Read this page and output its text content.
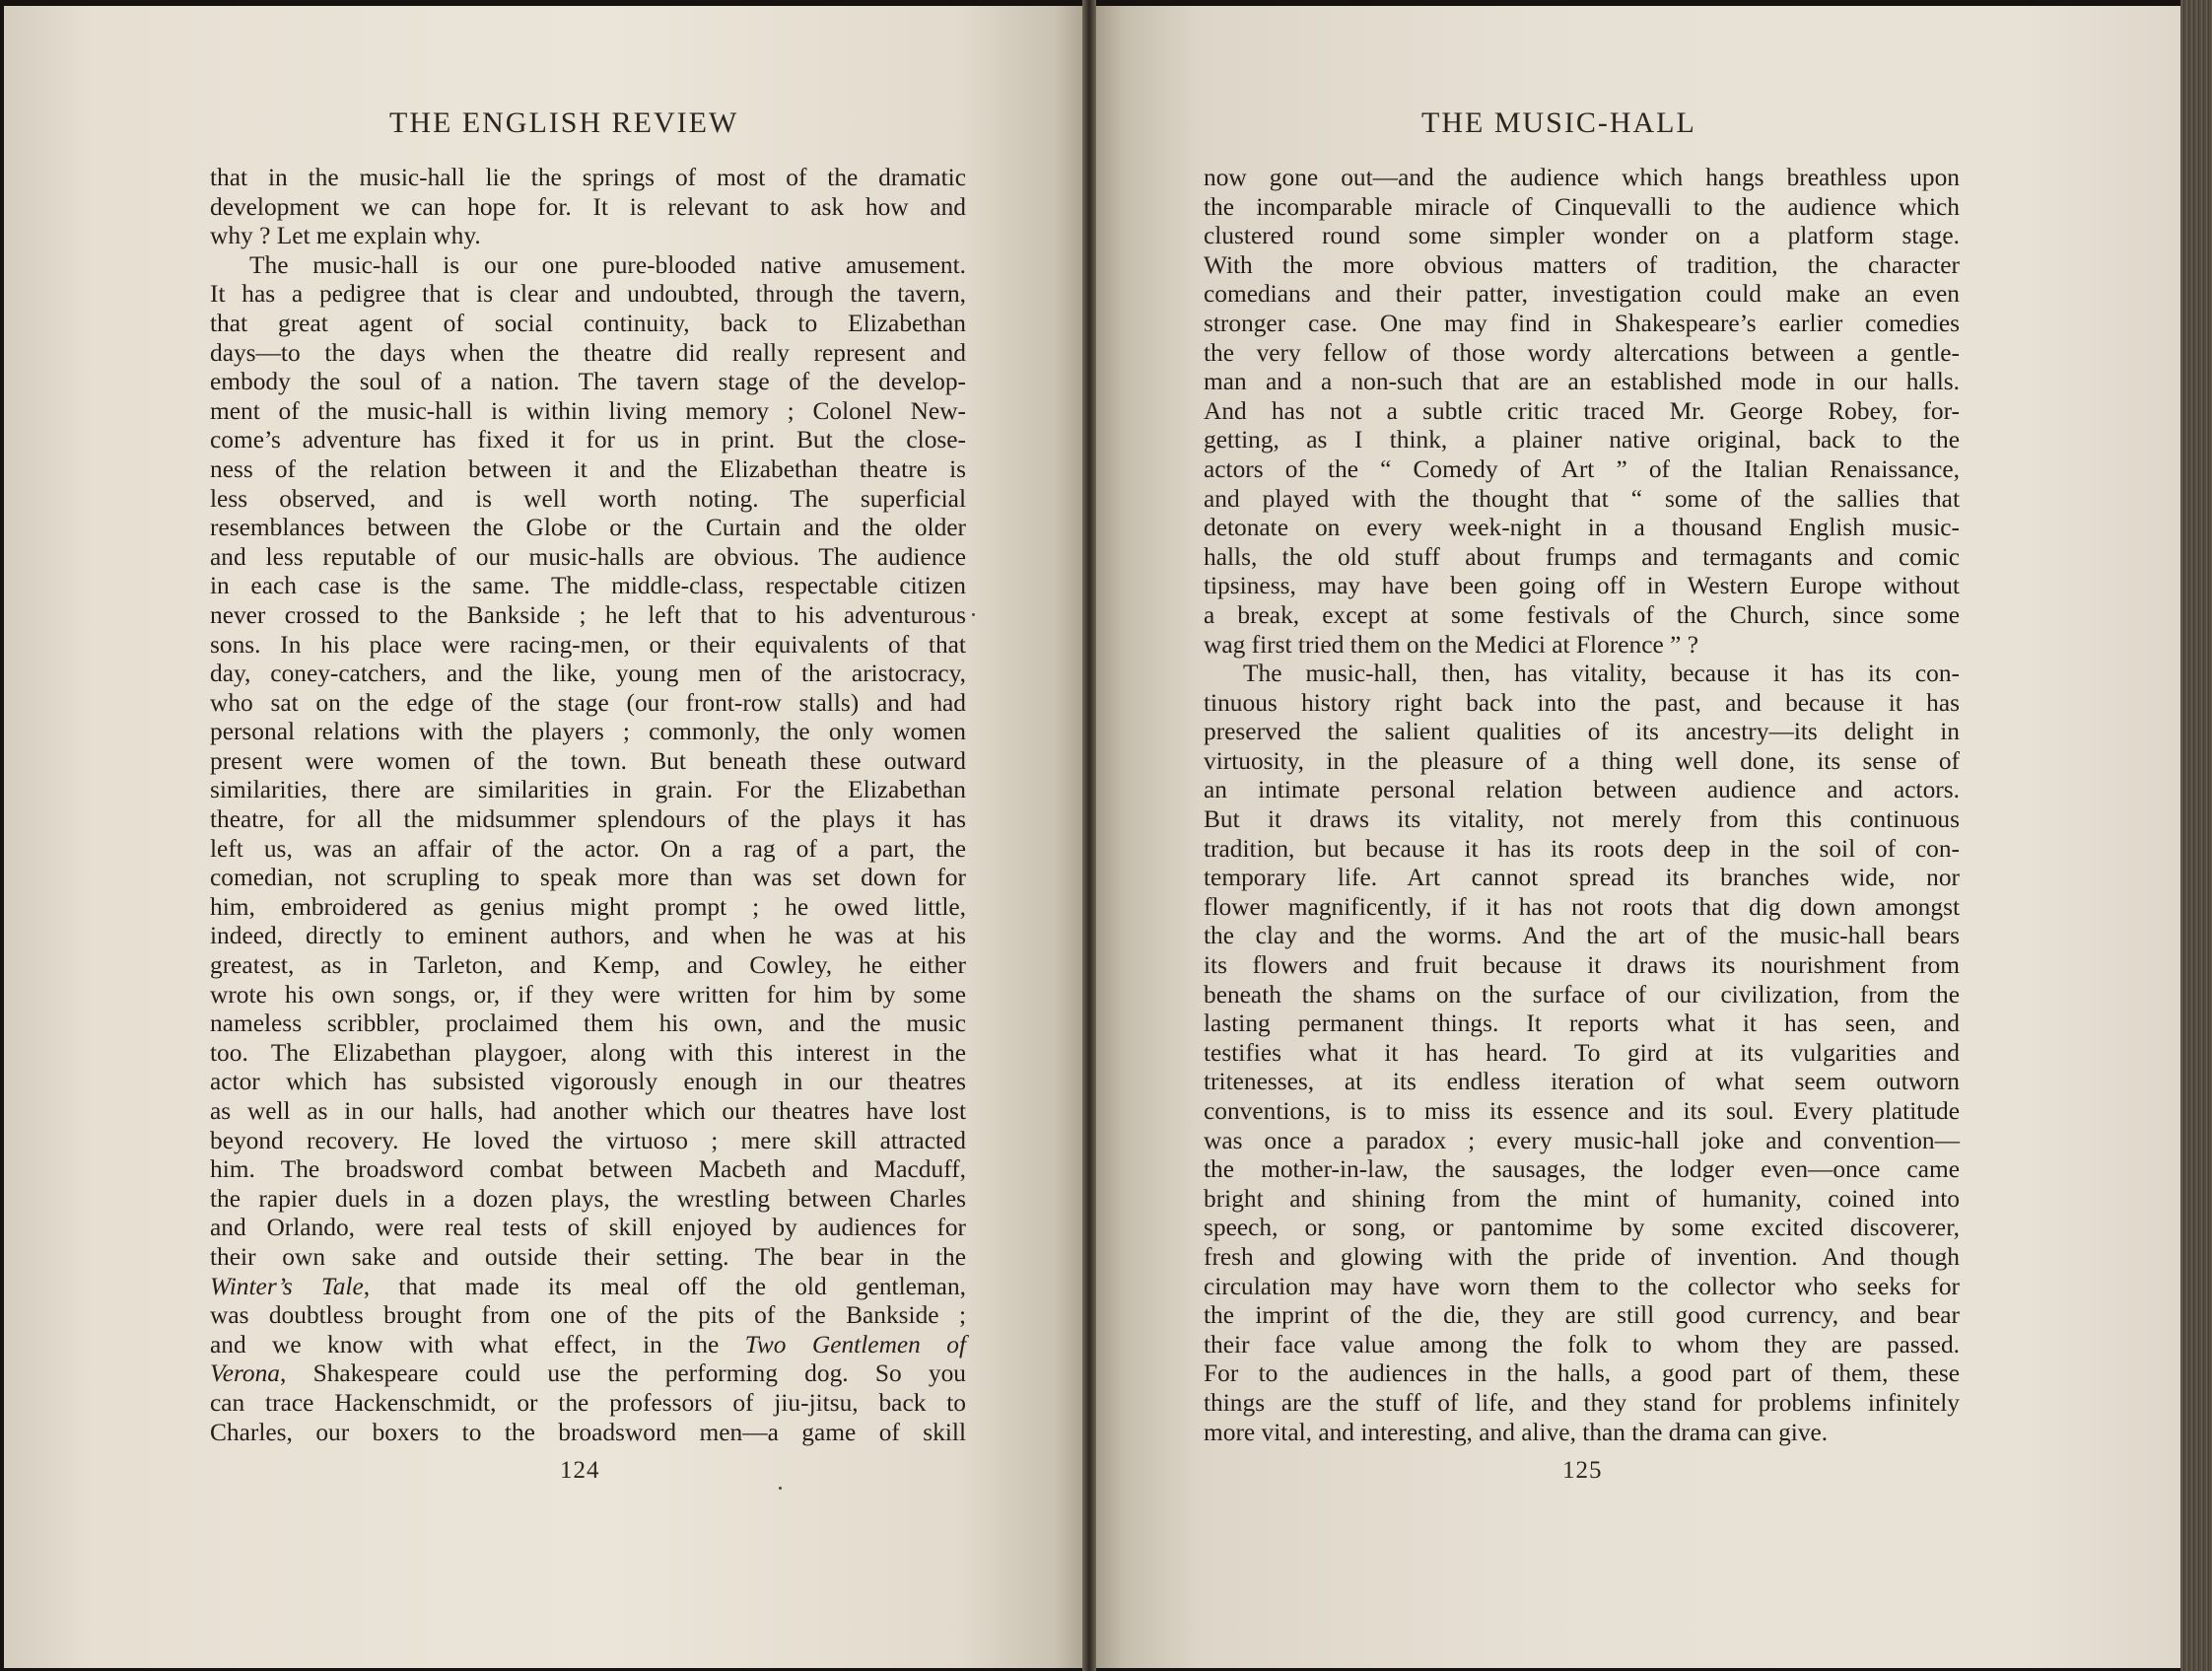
THE ENGLISH REVIEW
that in the music-hall lie the springs of most of the dramatic
development we can hope for. It is relevant to ask how and
why ? Let me explain why.
The music-hall is our one pure-blooded native amusement.
It has a pedigree that is clear and undoubted, through the tavern,
that great agent of social continuity, back to Elizabethan
days—to the days when the theatre did really represent and
embody the soul of a nation. The tavern stage of the develop-
ment of the music-hall is within living memory ; Colonel New-
come’s adventure has fixed it for us in print. But the close-
ness of the relation between it and the Elizabethan theatre is
less observed, and is well worth noting. The superficial
resemblances between the Globe or the Curtain and the older
and less reputable of our music-halls are obvious. The audience
in each case is the same. The middle-class, respectable citizen
never crossed to the Bankside ; he left that to his adventurous
sons. In his place were racing-men, or their equivalents of that
day, coney-catchers, and the like, young men of the aristocracy,
who sat on the edge of the stage (our front-row stalls) and had
personal relations with the players ; commonly, the only women
present were women of the town. But beneath these outward
similarities, there are similarities in grain. For the Elizabethan
theatre, for all the midsummer splendours of the plays it has
left us, was an affair of the actor. On a rag of a part, the
comedian, not scrupling to speak more than was set down for
him, embroidered as genius might prompt ; he owed little,
indeed, directly to eminent authors, and when he was at his
greatest, as in Tarleton, and Kemp, and Cowley, he either
wrote his own songs, or, if they were written for him by some
nameless scribbler, proclaimed them his own, and the music
too. The Elizabethan playgoer, along with this interest in the
actor which has subsisted vigorously enough in our theatres
as well as in our halls, had another which our theatres have lost
beyond recovery. He loved the virtuoso ; mere skill attracted
him. The broadsword combat between Macbeth and Macduff,
the rapier duels in a dozen plays, the wrestling between Charles
and Orlando, were real tests of skill enjoyed by audiences for
their own sake and outside their setting. The bear in the
Winter’s Tale, that made its meal off the old gentleman,
was doubtless brought from one of the pits of the Bankside ;
and we know with what effect, in the Two Gentlemen of
Verona, Shakespeare could use the performing dog. So you
can trace Hackenschmidt, or the professors of jiu-jitsu, back to
Charles, our boxers to the broadsword men—a game of skill
124
THE MUSIC-HALL
now gone out—and the audience which hangs breathless upon
the incomparable miracle of Cinquevalli to the audience which
clustered round some simpler wonder on a platform stage.
With the more obvious matters of tradition, the character
comedians and their patter, investigation could make an even
stronger case. One may find in Shakespeare’s earlier comedies
the very fellow of those wordy altercations between a gentle-
man and a non-such that are an established mode in our halls.
And has not a subtle critic traced Mr. George Robey, for-
getting, as I think, a plainer native original, back to the
actors of the “ Comedy of Art ” of the Italian Renaissance,
and played with the thought that “ some of the sallies that
detonate on every week-night in a thousand English music-
halls, the old stuff about frumps and termagants and comic
tipsiness, may have been going off in Western Europe without
a break, except at some festivals of the Church, since some
wag first tried them on the Medici at Florence ” ?
The music-hall, then, has vitality, because it has its con-
tinuous history right back into the past, and because it has
preserved the salient qualities of its ancestry—its delight in
virtuosity, in the pleasure of a thing well done, its sense of
an intimate personal relation between audience and actors.
But it draws its vitality, not merely from this continuous
tradition, but because it has its roots deep in the soil of con-
temporary life. Art cannot spread its branches wide, nor
flower magnificently, if it has not roots that dig down amongst
the clay and the worms. And the art of the music-hall bears
its flowers and fruit because it draws its nourishment from
beneath the shams on the surface of our civilization, from the
lasting permanent things. It reports what it has seen, and
testifies what it has heard. To gird at its vulgarities and
tritenesses, at its endless iteration of what seem outworn
conventions, is to miss its essence and its soul. Every platitude
was once a paradox ; every music-hall joke and convention—
the mother-in-law, the sausages, the lodger even—once came
bright and shining from the mint of humanity, coined into
speech, or song, or pantomime by some excited discoverer,
fresh and glowing with the pride of invention. And though
circulation may have worn them to the collector who seeks for
the imprint of the die, they are still good currency, and bear
their face value among the folk to whom they are passed.
For to the audiences in the halls, a good part of them, these
things are the stuff of life, and they stand for problems infinitely
more vital, and interesting, and alive, than the drama can give.
125
